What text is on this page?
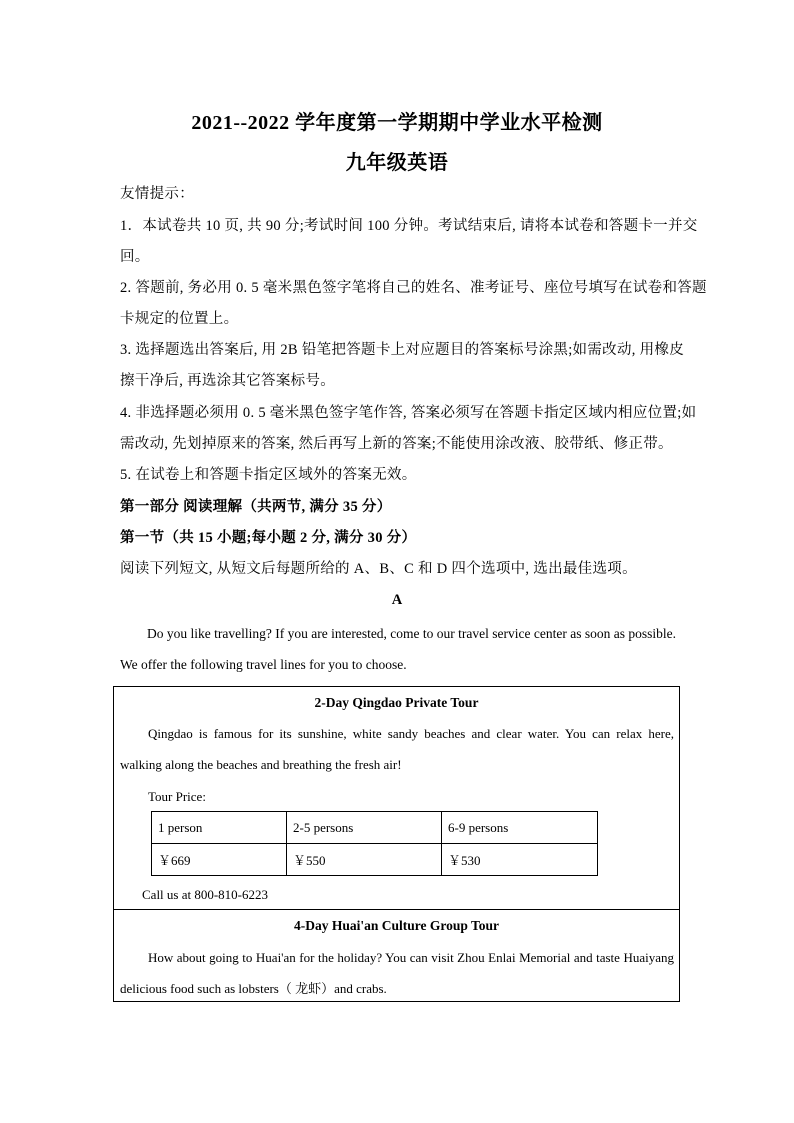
2021--2022 学年度第一学期期中学业水平检测
九年级英语
友情提示：
1．本试卷共 10 页, 共 90 分;考试时间 100 分钟。考试结束后, 请将本试卷和答题卡一并交
回。
2. 答题前, 务必用 0. 5 毫米黑色签字笔将自己的姓名、准考证号、座位号填写在试卷和答题
卡规定的位置上。
3. 选择题选出答案后, 用 2B 铅笔把答题卡上对应题目的答案标号涂黑;如需改动, 用橡皮
擦干净后, 再选涂其它答案标号。
4. 非选择题必须用 0. 5 毫米黑色签字笔作答, 答案必须写在答题卡指定区域内相应位置;如
需改动, 先划掉原来的答案, 然后再写上新的答案;不能使用涂改液、胶带纸、修正带。
5. 在试卷上和答题卡指定区域外的答案无效。
第一部分 阅读理解（共两节, 满分 35 分）
第一节（共 15 小题;每小题 2 分, 满分 30 分）
阅读下列短文, 从短文后每题所给的 A、B、C 和 D 四个选项中, 选出最佳选项。
A
Do you like travelling? If you are interested, come to our travel service center as soon as possible. We offer the following travel lines for you to choose.
2-Day Qingdao Private Tour
Qingdao is famous for its sunshine, white sandy beaches and clear water. You can relax here, walking along the beaches and breathing the fresh air!
Tour Price:
1 person	2-5 persons	6-9 persons
￥669	￥550	￥530
Call us at 800-810-6223
4-Day Huai'an Culture Group Tour
How about going to Huai'an for the holiday? You can visit Zhou Enlai Memorial and taste Huaiyang delicious food such as lobsters（ 龙虾）and crabs.
